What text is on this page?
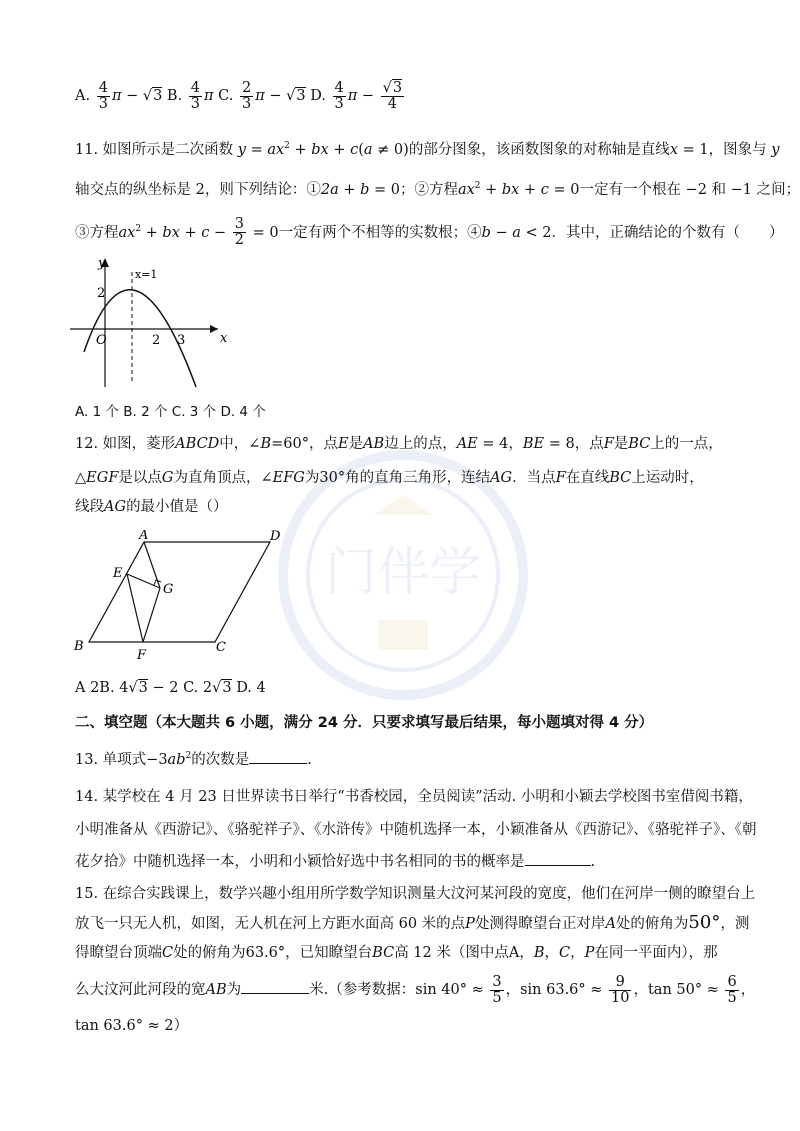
门伴学
A. $\frac{4}{3}$ π − √3 B. $\frac{4}{3}$ π C. $\frac{2}{3}$ π − √3 D. $\frac{4}{3}$ $\pi - \frac{√3}{4}$
11. 如图所示是二次函数 $y = ax^2$ + bx + c(a ≠ 0)的部分图象，该函数图象的对称轴是直线x = 1，图象与 y
轴交点的纵坐标是 2，则下列结论：①2a + b = 0；②方程$ax^2$ + bx + c = 0一定有一个根在 −2 和 −1 之间；
③方程$ax^2$ + bx + $c - \frac{3}{2} = 0$一定有两个不相等的实数根；④b − a < 2．其中，正确结论的个数有（　　）
y
x
O
x=1
2
2 3
A. 1 个 B. 2 个 C. 3 个 D. 4 个
12. 如图，菱形ABCD中，∠B=60°，点E是AB边上的点，AE = 4，BE = 8，点F是BC上的一点，
△EGF是以点G为直角顶点，∠EFG为30°角的直角三角形，连结AG．当点F在直线BC上运动时，
线段AG的最小值是（）
A	D
E
G
B	C
F
A 2B. 4√3 − 2 C. 2√3 D. 4
二、填空题（本大题共 6 小题，满分 24 分．只要求填写最后结果，每小题填对得 4 分）
13. 单项式$-3ab^2$的次数是	.
14. 某学校在 4 月 23 日世界读书日举行“书香校园，全员阅读”活动. 小明和小颖去学校图书室借阅书籍，
小明准备从《西游记》、《骆驼祥子》、《水浒传》中随机选择一本，小颖准备从《西游记》、《骆驼祥子》、《朝
花夕拾》中随机选择一本，小明和小颖恰好选中书名相同的书的概率是	.
15. 在综合实践课上，数学兴趣小组用所学数学知识测量大汶河某河段的宽度，他们在河岸一侧的瞭望台上
放飞一只无人机，如图，无人机在河上方距水面高 60 米的点P处测得瞭望台正对岸A处的俯角为50°，测
得瞭望台顶端C处的俯角为63.6°，已知瞭望台BC高 12 米（图中点A，B，C，P在同一平面内），那
么大汶河此河段的宽AB为	米.（参考数据：$\sin 40^\circ \approx \frac{3}{5}$ ，$\sin 63.6^\circ \approx \frac{9}{10}$ ，$\tan 50^\circ \approx \frac{6}{5}$ ，
tan 63.6° ≈ 2）
